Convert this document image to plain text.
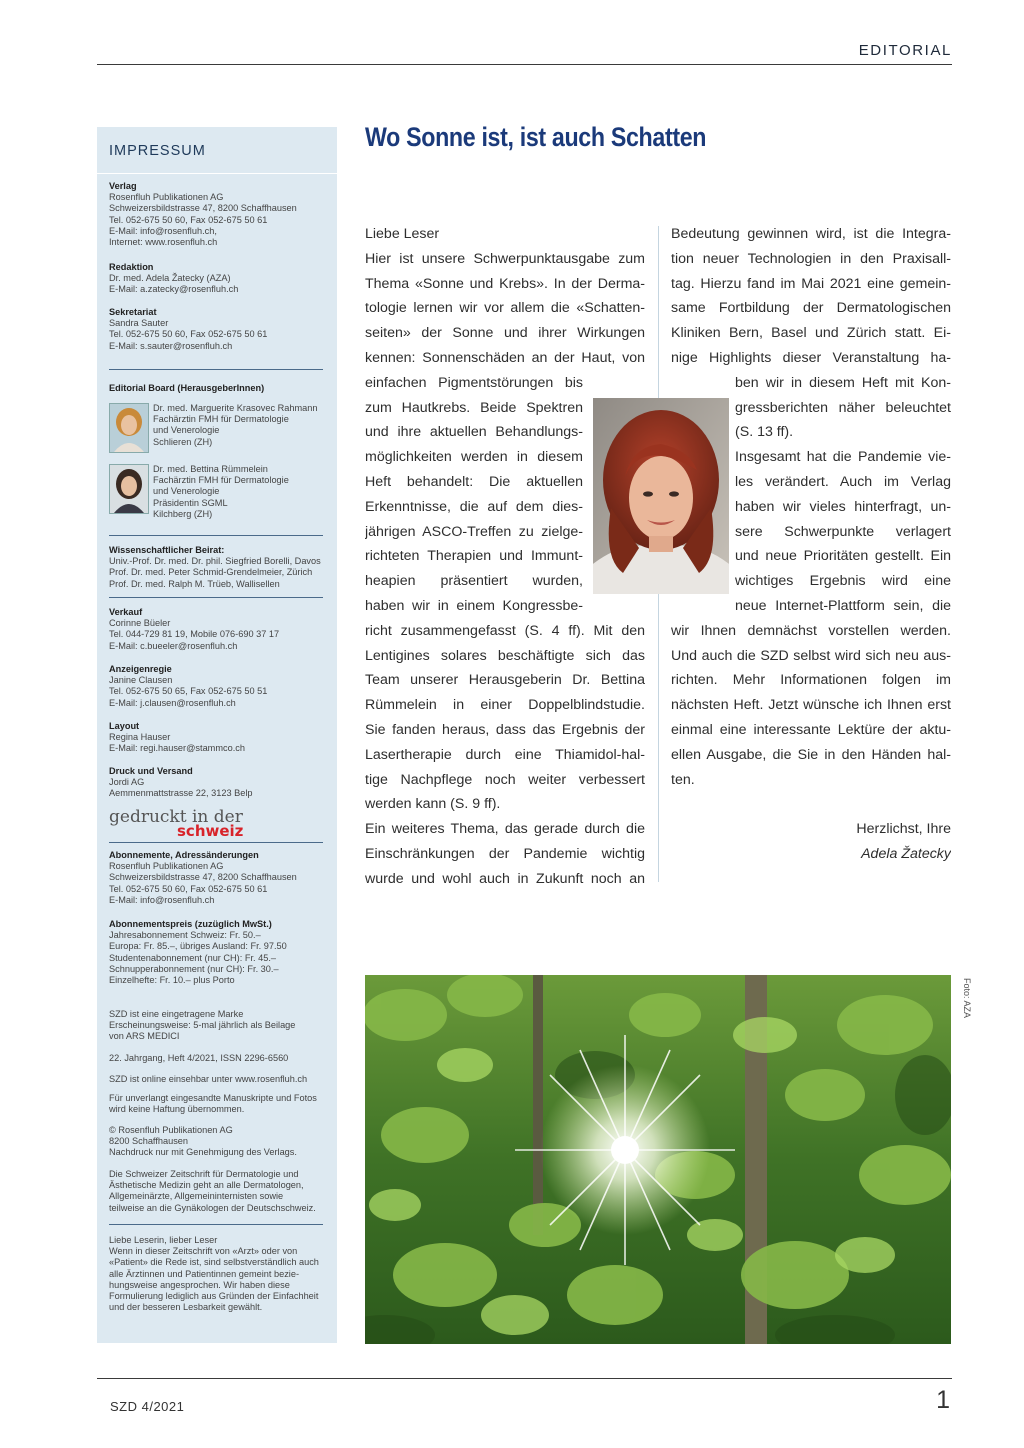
EDITORIAL
IMPRESSUM
Verlag
Rosenfluh Publikationen AG
Schweizersbildstrasse 47, 8200 Schaffhausen
Tel. 052-675 50 60, Fax 052-675 50 61
E-Mail: info@rosenfluh.ch,
Internet: www.rosenfluh.ch
Redaktion
Dr. med. Adela Žatecky (AZA)
E-Mail: a.zatecky@rosenfluh.ch
Sekretariat
Sandra Sauter
Tel. 052-675 50 60, Fax 052-675 50 61
E-Mail: s.sauter@rosenfluh.ch
Editorial Board (HerausgeberInnen)
Dr. med. Marguerite Krasovec Rahmann
Fachärztin FMH für Dermatologie
und Venerologie
Schlieren (ZH)
Dr. med. Bettina Rümmelein
Fachärztin FMH für Dermatologie
und Venerologie
Präsidentin SGML
Kilchberg (ZH)
Wissenschaftlicher Beirat:
Univ.-Prof. Dr. med. Dr. phil. Siegfried Borelli, Davos
Prof. Dr. med. Peter Schmid-Grendelmeier, Zürich
Prof. Dr. med. Ralph M. Trüeb, Wallisellen
Verkauf
Corinne Büeler
Tel. 044-729 81 19, Mobile 076-690 37 17
E-Mail: c.bueeler@rosenfluh.ch
Anzeigenregie
Janine Clausen
Tel. 052-675 50 65, Fax 052-675 50 51
E-Mail: j.clausen@rosenfluh.ch
Layout
Regina Hauser
E-Mail: regi.hauser@stammco.ch
Druck und Versand
Jordi AG
Aemmenmattstrasse 22, 3123 Belp
gedruckt in der
schweiz
Abonnemente, Adressänderungen
Rosenfluh Publikationen AG
Schweizersbildstrasse 47, 8200 Schaffhausen
Tel. 052-675 50 60, Fax 052-675 50 61
E-Mail: info@rosenfluh.ch
Abonnementspreis (zuzüglich MwSt.)
Jahresabonnement Schweiz: Fr. 50.–
Europa: Fr. 85.–, übriges Ausland: Fr. 97.50
Studentenabonnement (nur CH): Fr. 45.–
Schnupperabonnement (nur CH): Fr. 30.–
Einzelhefte: Fr. 10.– plus Porto
SZD ist eine eingetragene Marke
Erscheinungsweise: 5-mal jährlich als Beilage
von ARS MEDICI
22. Jahrgang, Heft 4/2021, ISSN 2296-6560
SZD ist online einsehbar unter www.rosenfluh.ch
Für unverlangt eingesandte Manuskripte und Fotos
wird keine Haftung übernommen.
© Rosenfluh Publikationen AG
8200 Schaffhausen
Nachdruck nur mit Genehmigung des Verlags.
Die Schweizer Zeitschrift für Dermatologie und
Ästhetische Medizin geht an alle Dermatologen,
Allgemeinärzte, Allgemeininternisten sowie
teilweise an die Gynäkologen der Deutschschweiz.
Liebe Leserin, lieber Leser
Wenn in dieser Zeitschrift von «Arzt» oder von
«Patient» die Rede ist, sind selbstverständlich auch
alle Ärztinnen und Patientinnen gemeint bezie-
hungsweise angesprochen. Wir haben diese
Formulierung lediglich aus Gründen der Einfachheit
und der besseren Lesbarkeit gewählt.
Wo Sonne ist, ist auch Schatten
Liebe Leser
Hier ist unsere Schwerpunktausgabe zum
Thema «Sonne und Krebs». In der Derma-
tologie lernen wir vor allem die «Schatten-
seiten» der Sonne und ihrer Wirkungen
kennen: Sonnenschäden an der Haut, von
einfachen Pigmentstörungen bis
zum Hautkrebs. Beide Spektren
und ihre aktuellen Behandlungs-
möglichkeiten werden in diesem
Heft behandelt: Die aktuellen
Erkenntnisse, die auf dem dies-
jährigen ASCO-Treffen zu zielge-
richteten Therapien und Immunt-
heapien präsentiert wurden,
haben wir in einem Kongressbe-
richt zusammengefasst (S. 4 ff). Mit den
Lentigines solares beschäftigte sich das
Team unserer Herausgeberin Dr. Bettina
Rümmelein in einer Doppelblindstudie.
Sie fanden heraus, dass das Ergebnis der
Lasertherapie durch eine Thiamidol-hal-
tige Nachpflege noch weiter verbessert
werden kann (S. 9 ff).
Ein weiteres Thema, das gerade durch die
Einschränkungen der Pandemie wichtig
wurde und wohl auch in Zukunft noch an
Bedeutung gewinnen wird, ist die Integra-
tion neuer Technologien in den Praxisall-
tag. Hierzu fand im Mai 2021 eine gemein-
same Fortbildung der Dermatologischen
Kliniken Bern, Basel und Zürich statt. Ei-
nige Highlights dieser Veranstaltung ha-
ben wir in diesem Heft mit Kon-
gressberichten näher beleuchtet
(S. 13 ff).
Insgesamt hat die Pandemie vie-
les verändert. Auch im Verlag
haben wir vieles hinterfragt, un-
sere Schwerpunkte verlagert
und neue Prioritäten gestellt. Ein
wichtiges Ergebnis wird eine
neue Internet-Plattform sein, die
wir Ihnen demnächst vorstellen werden.
Und auch die SZD selbst wird sich neu aus-
richten. Mehr Informationen folgen im
nächsten Heft. Jetzt wünsche ich Ihnen erst
einmal eine interessante Lektüre der aktu-
ellen Ausgabe, die Sie in den Händen hal-
ten.
Herzlichst, Ihre
Adela Žatecky
Foto: AZA
SZD 4/2021	1
